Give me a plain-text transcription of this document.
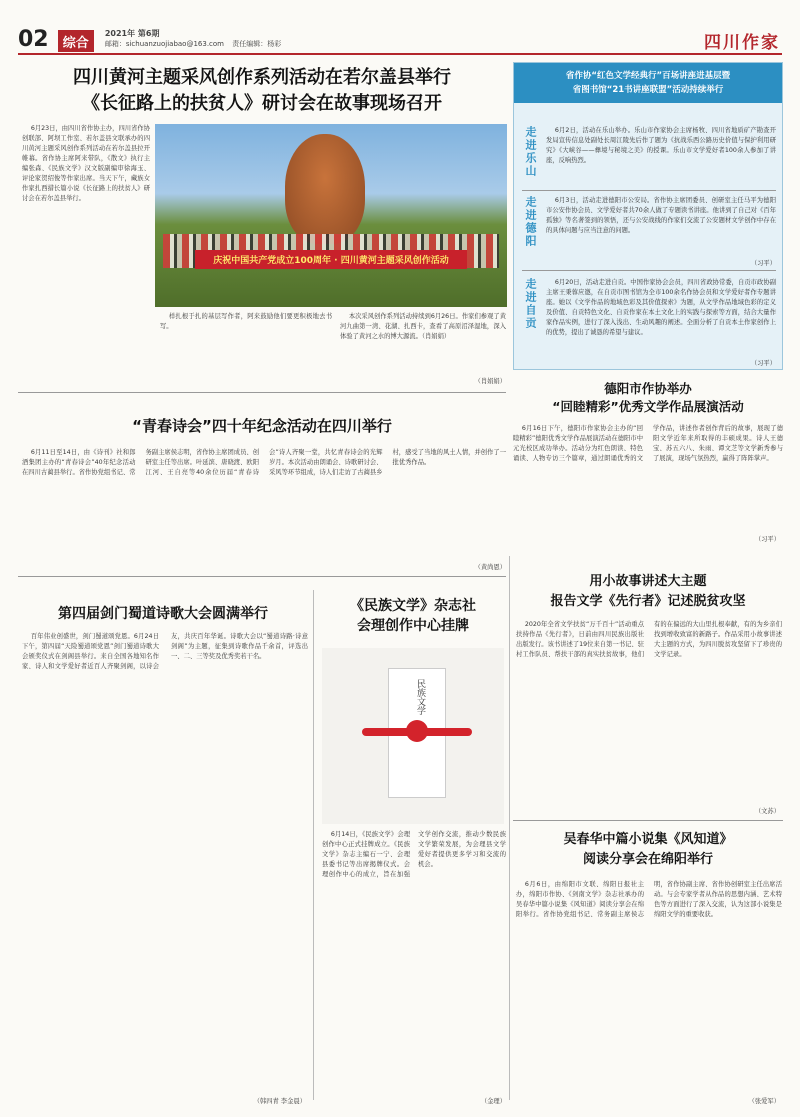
02 综合 2021年 第6期
邮箱：sichuanzuojiabao@163.com 责任编辑：杨彩	四川作家
四川黄河主题采风创作系列活动在若尔盖县举行
《长征路上的扶贫人》研讨会在故事现场召开

6月23日，由四川省作协主办，四川省作协创联部、阿坝工作室、若尔盖县文联承办的四川黄河主题采风创作系列活动在若尔盖县拉开帷幕。省作协主席阿来带队，《散文》执行主编张森、《民族文学》汉文版副编审徐海玉、评论家贺绍俊等作家出席。当天下午，藏族女作家扎西措长篇小说《长征路上的扶贫人》研讨会在若尔盖县举行。

庆祝中国共产党成立100周年 · 四川黄河主题采风创作活动

样扎根于扎的基层写作者，阿来鼓励他们要更积极地去书写。

本次采风创作系列活动持续到6月26日。作家们参观了黄河九曲第一湾、花湖、扎西卡，查看了高原沼泽湿地，深入体验了黄河之水的博大源流。（肖娟娟）

（肖娟娟）
省作协“红色文学经典行”百场讲座进基层暨
省图书馆“21书讲座联盟”活动持续举行
走进乐山	6月2日，活动在乐山举办。乐山市作家协会主席杨牧、四川省地质矿产勘查开发局宣传信息处副处长周江陵先后作了题为《抗战乐西公路历史价值与保护利用研究》《大峡谷——彝境与秘境之美》的授课。乐山市文学爱好者100余人参加了讲座，反响热烈。

走进德阳	6月3日，活动走进德阳市公安局。省作协主席团委员、创研室主任马平为德阳市公安作协会员、文学爱好者共70余人做了专题读书讲座。他讲到了自己对《百年孤独》等名著签到的领悟，还与公安战线的作家们交流了公安题材文学创作中存在的具体问题与应当注意的问题。

（习平）
走进自贡	6月20日，活动走进自贡。中国作家协会会员，四川省政协常委，自贡市政协副主席王秉蓉应邀，在自贡市图书馆为全市100余名作协会员和文学爱好者作专题讲座。她以《文学作品的地域色彩及其价值探索》为题，从文学作品地域色彩的定义及价值、自贡特色文化、自贡作家在本土文化上的实践与探索等方面，结合大量作家作品实例，进行了深入浅出、生动风趣的阐述。全面分析了自贡本土作家创作上的优势，提出了诚恳的希望与建议。

（习平）
德阳市作协举办
“回睦精彩”优秀文学作品展演活动

6月16日下午，德阳市作家协会主办的“回睦精彩”德阳优秀文学作品展演活动在德阳市中元光校区成功举办。活动分为红色朗读、特色诵读、人物专访三个篇章，通过朗诵优秀的文学作品，讲述作者创作背后的故事，展现了德阳文学近年来所取得的丰硕成果。诗人王德宝、苏五六八、朱雨、谭文芝等文学新秀参与了展演，现场气氛热烈，赢得了阵阵掌声。

（习平）
“青春诗会”四十年纪念活动在四川举行

6月11日至14日，由《诗刊》社和郎酒集团主办的“青春诗会”40年纪念活动在四川古蔺县举行。省作协党组书记、常务副主席侯志明，省作协主席团成员、创研室主任等出席。叶延滨、唐晓渡、欧阳江河、王自亮等40余位历届“青春诗会”诗人齐聚一堂，共忆青春诗会的光辉岁月。本次活动由朗诵会、诗歌研讨会、采风等环节组成，诗人们走访了古蔺县乡村，感受了当地的风土人情，并创作了一批优秀作品。

（黄尚恩）
第四届剑门蜀道诗歌大会圆满举行

百年伟业创盛世，剑门蜀道颂党恩。6月24日下午，第四届“天险蜀道颂党恩”剑门蜀道诗歌大会颁奖仪式在剑阁县举行。来自全国各地知名作家、诗人和文学爱好者近百人齐聚剑阁，以诗会友，共庆百年华诞。诗歌大会以“蜀道诗路·诗意剑阁”为主题，征集到诗歌作品千余首，评选出一、二、三等奖及优秀奖若干名。

（韩四青 李金晨）
《民族文学》杂志社
会理创作中心挂牌
民族文学

6月14日，《民族文学》会理创作中心正式挂牌成立。《民族文学》杂志主编石一宁、会理县委书记等出席揭牌仪式。会理创作中心的成立，旨在加强文学创作交流，推动少数民族文学繁荣发展，为会理县文学爱好者提供更多学习和交流的机会。

（金理）
用小故事讲述大主题
报告文学《先行者》记述脱贫攻坚

2020年全省文学扶贫“万千百十”活动重点扶持作品《先行者》，日前由四川民族出版社出版发行。该书讲述了19位来自第一书记、驻村工作队员、帮扶干部的真实扶贫故事，他们有的在偏远的大山里扎根奉献，有的为乡亲们找到增收致富的新路子。作品采用小故事讲述大主题的方式，为四川脱贫攻坚留下了珍贵的文学记录。

（文苏）
吴春华中篇小说集《风知道》
阅读分享会在绵阳举行

6月6日，由绵阳市文联、绵阳日报社主办，绵阳市作协、《剑南文学》杂志社承办的吴春华中篇小说集《风知道》阅读分享会在绵阳举行。省作协党组书记、常务副主席侯志明，省作协副主席、省作协创研室主任出席活动。与会专家学者从作品的思想内涵、艺术特色等方面进行了深入交流，认为这部小说集是绵阳文学的重要收获。

（张爱军）
